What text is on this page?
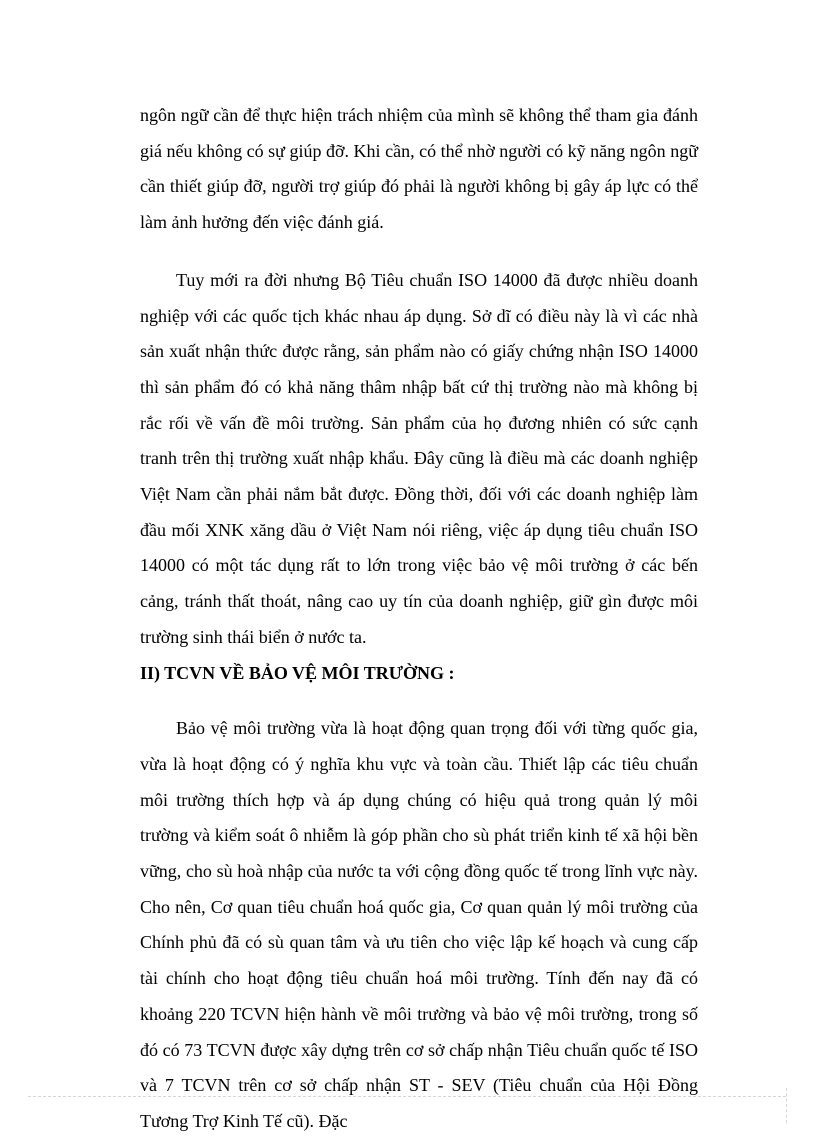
ngôn ngữ cần để thực hiện trách nhiệm của mình sẽ không thể tham gia đánh giá nếu không có sự giúp đỡ. Khi cần, có thể nhờ người có kỹ năng ngôn ngữ cần thiết giúp đỡ, người trợ giúp đó phải là người không bị gây áp lực có thể làm ảnh hưởng đến việc đánh giá.

Tuy mới ra đời nhưng Bộ Tiêu chuẩn ISO 14000 đã được nhiều doanh nghiệp với các quốc tịch khác nhau áp dụng. Sở dĩ có điều này là vì các nhà sản xuất nhận thức được rằng, sản phẩm nào có giấy chứng nhận ISO 14000 thì sản phẩm đó có khả năng thâm nhập bất cứ thị trường nào mà không bị rắc rối về vấn đề môi trường. Sản phẩm của họ đương nhiên có sức cạnh tranh trên thị trường xuất nhập khẩu. Đây cũng là điều mà các doanh nghiệp Việt Nam cần phải nắm bắt được. Đồng thời, đối với các doanh nghiệp làm đầu mối XNK xăng dầu ở Việt Nam nói riêng, việc áp dụng tiêu chuẩn ISO 14000 có một tác dụng rất to lớn trong việc bảo vệ môi trường ở các bến cảng, tránh thất thoát, nâng cao uy tín của doanh nghiệp, giữ gìn được môi trường sinh thái biển ở nước ta.

II) TCVN VỀ BẢO VỆ MÔI TRƯỜNG :

Bảo vệ môi trường vừa là hoạt động quan trọng đối với từng quốc gia, vừa là hoạt động có ý nghĩa khu vực và toàn cầu. Thiết lập các tiêu chuẩn môi trường thích hợp và áp dụng chúng có hiệu quả trong quản lý môi trường và kiểm soát ô nhiễm là góp phần cho sù phát triển kinh tế xã hội bền vững, cho sù hoà nhập của nước ta với cộng đồng quốc tế trong lĩnh vực này. Cho nên, Cơ quan tiêu chuẩn hoá quốc gia, Cơ quan quản lý môi trường của Chính phủ đã có sù quan tâm và ưu tiên cho việc lập kế hoạch và cung cấp tài chính cho hoạt động tiêu chuẩn hoá môi trường. Tính đến nay đã có khoảng 220 TCVN hiện hành về môi trường và bảo vệ môi trường, trong số đó có 73 TCVN được xây dựng trên cơ sở chấp nhận Tiêu chuẩn quốc tế ISO và 7 TCVN trên cơ sở chấp nhận ST - SEV (Tiêu chuẩn của Hội Đồng Tương Trợ Kinh Tế cũ). Đặc
